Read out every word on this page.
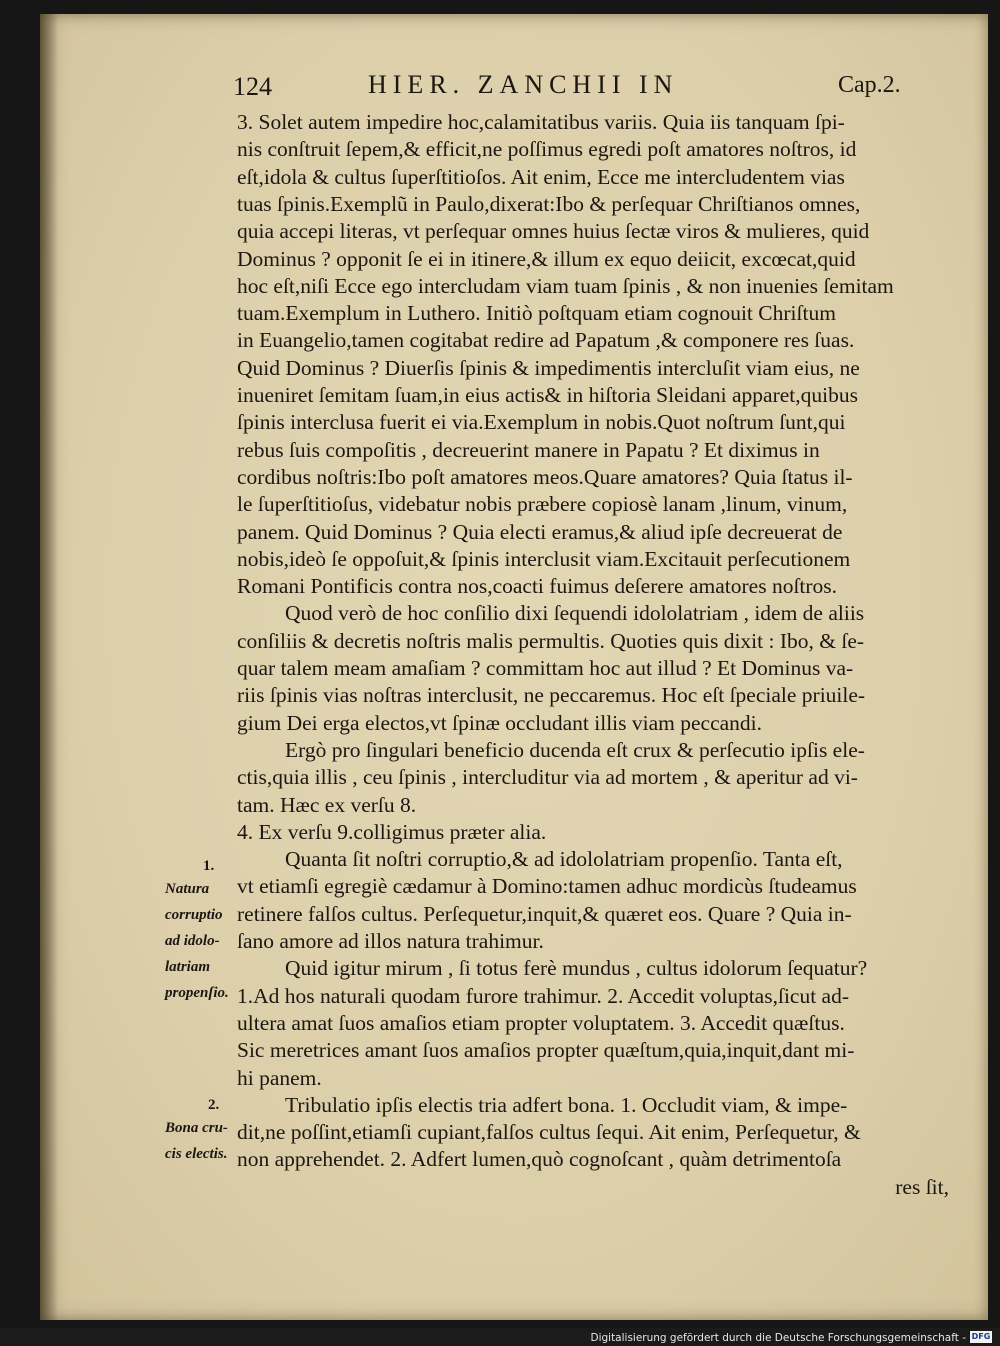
124	HIER. ZANCHII IN	Cap.2.
3. Solet autem impedire hoc,calamitatibus variis. Quia iis tanquam ſpi-
nis conſtruit ſepem,& efficit,ne poſſimus egredi poſt amatores noſtros, id
eſt,idola & cultus ſuperſtitioſos. Ait enim, Ecce me intercludentem vias
tuas ſpinis.Exemplũ in Paulo,dixerat:Ibo & perſequar Chriſtianos omnes,
quia accepi literas, vt perſequar omnes huius ſectæ viros & mulieres, quid
Dominus ? opponit ſe ei in itinere,& illum ex equo deiicit, excœcat,quid
hoc eſt,niſi Ecce ego intercludam viam tuam ſpinis , & non inuenies ſemitam
tuam.Exemplum in Luthero. Initiò poſtquam etiam cognouit Chriſtum
in Euangelio,tamen cogitabat redire ad Papatum ,& componere res ſuas.
Quid Dominus ? Diuerſis ſpinis & impedimentis intercluſit viam eius, ne
inueniret ſemitam ſuam,in eius actis& in hiſtoria Sleidani apparet,quibus
ſpinis interclusa fuerit ei via.Exemplum in nobis.Quot noſtrum ſunt,qui
rebus ſuis compoſitis , decreuerint manere in Papatu ? Et diximus in
cordibus noſtris:Ibo poſt amatores meos.Quare amatores? Quia ſtatus il-
le ſuperſtitioſus, videbatur nobis præbere copiosè lanam ,linum, vinum,
panem. Quid Dominus ? Quia electi eramus,& aliud ipſe decreuerat de
nobis,ideò ſe oppoſuit,& ſpinis interclusit viam.Excitauit perſecutionem
Romani Pontificis contra nos,coacti fuimus deſerere amatores noſtros.
Quod verò de hoc conſilio dixi ſequendi idololatriam , idem de aliis
conſiliis & decretis noſtris malis permultis. Quoties quis dixit : Ibo, & ſe-
quar talem meam amaſiam ? committam hoc aut illud ? Et Dominus va-
riis ſpinis vias noſtras interclusit, ne peccaremus. Hoc eſt ſpeciale priuile-
gium Dei erga electos,vt ſpinæ occludant illis viam peccandi.
Ergò pro ſingulari beneficio ducenda eſt crux & perſecutio ipſis ele-
ctis,quia illis , ceu ſpinis , intercluditur via ad mortem , & aperitur ad vi-
tam. Hæc ex verſu 8.
4. Ex verſu 9.colligimus præter alia.
Quanta ſit noſtri corruptio,& ad idololatriam propenſio. Tanta eſt,
vt etiamſi egregiè cædamur à Domino:tamen adhuc mordicùs ſtudeamus
retinere falſos cultus. Perſequetur,inquit,& quæret eos. Quare ? Quia in-
ſano amore ad illos natura trahimur.
Quid igitur mirum , ſi totus ferè mundus , cultus idolorum ſequatur?
1.Ad hos naturali quodam furore trahimur. 2. Accedit voluptas,ſicut ad-
ultera amat ſuos amaſios etiam propter voluptatem. 3. Accedit quæſtus.
Sic meretrices amant ſuos amaſios propter quæſtum,quia,inquit,dant mi-
hi panem.
Tribulatio ipſis electis tria adfert bona. 1. Occludit viam, & impe-
dit,ne poſſint,etiamſi cupiant,falſos cultus ſequi. Ait enim, Perſequetur, &
non apprehendet. 2. Adfert lumen,quò cognoſcant , quàm detrimentoſa
res ſit,
1.
Natura
corruptio
ad idolo-
latriam
propenſio.
2.
Bona cru-
cis electis.
Digitalisierung gefördert durch die Deutsche Forschungsgemeinschaft - DFG
